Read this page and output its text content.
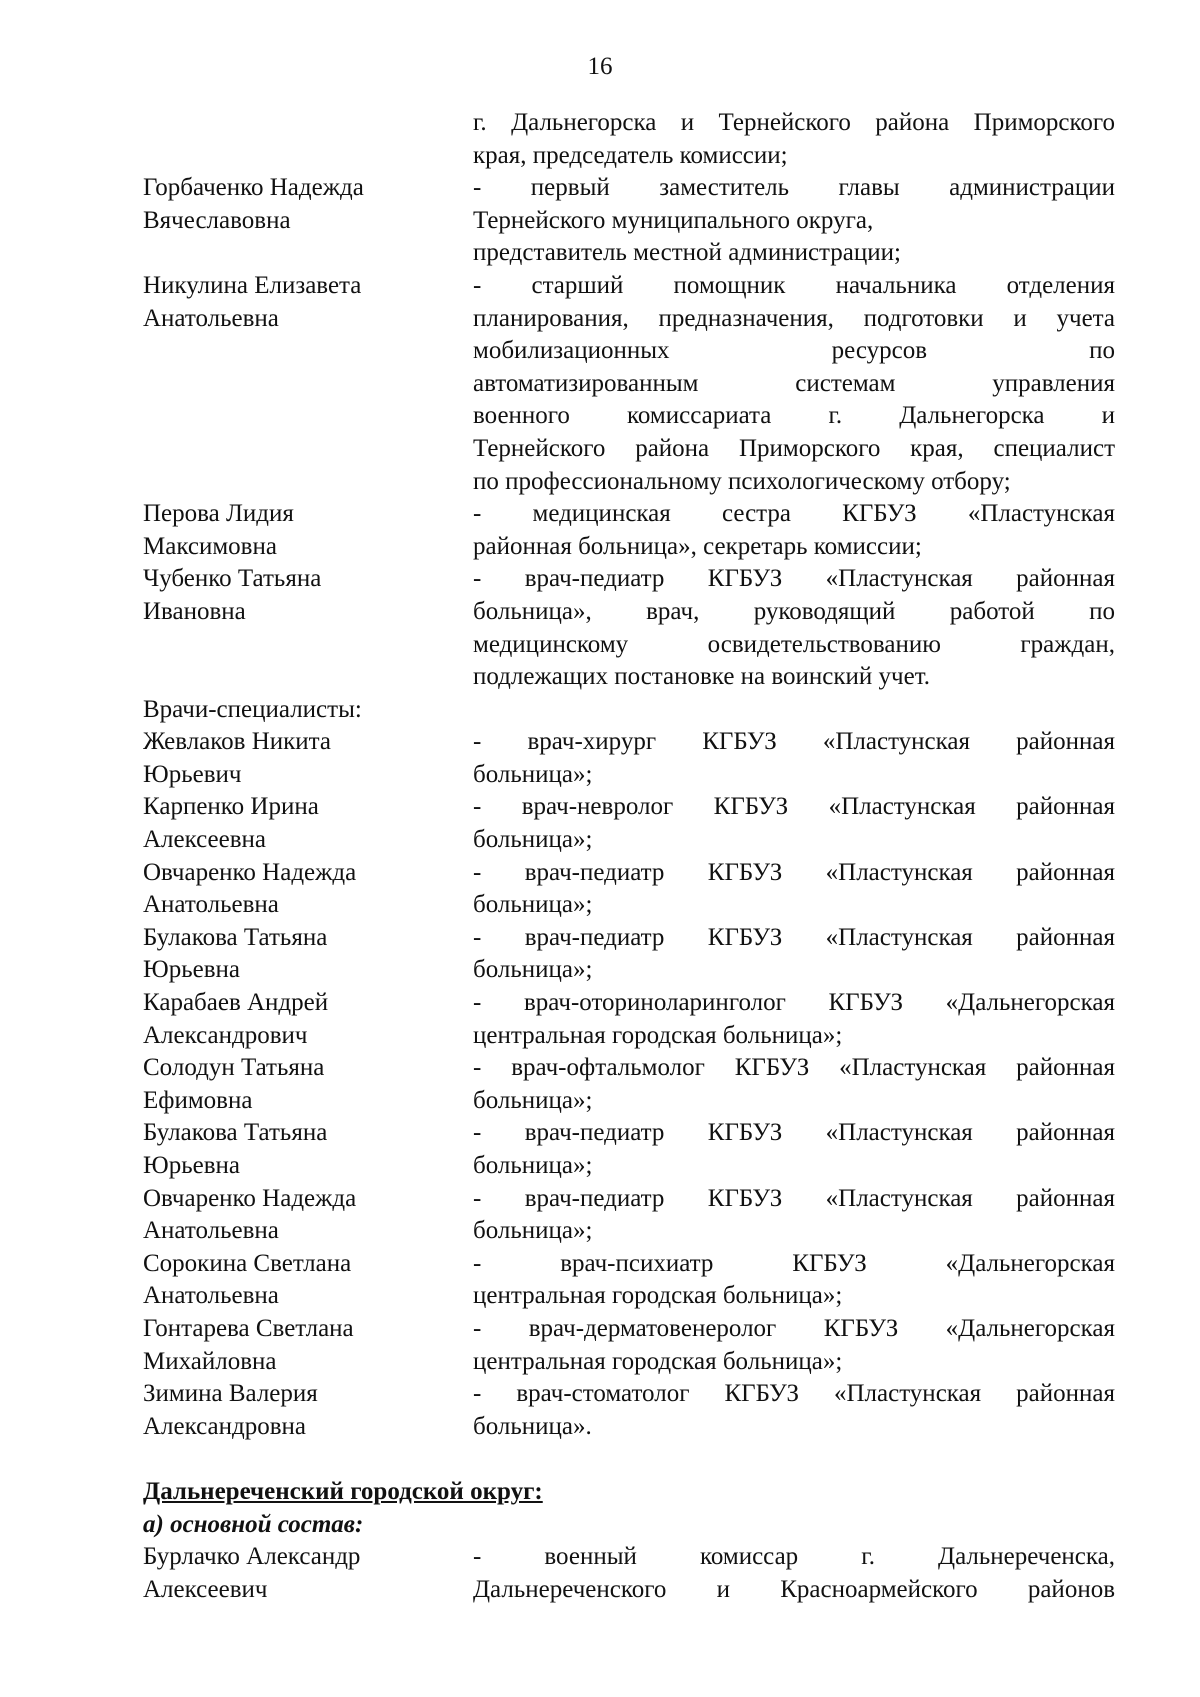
16
г. Дальнегорска и Тернейского района Приморского
края, председатель комиссии;
Горбаченко Надежда
Вячеславовна
- первый заместитель главы администрации
Тернейского муниципального округа,
представитель местной администрации;
Никулина Елизавета
Анатольевна
- старший помощник начальника отделения
планирования, предназначения, подготовки и учета
мобилизационных ресурсов по
автоматизированным системам управления
военного комиссариата г. Дальнегорска и
Тернейского района Приморского края, специалист
по профессиональному психологическому отбору;
Перова Лидия
Максимовна
- медицинская сестра КГБУЗ «Пластунская
районная больница», секретарь комиссии;
Чубенко Татьяна
Ивановна
- врач-педиатр КГБУЗ «Пластунская районная
больница», врач, руководящий работой по
медицинскому освидетельствованию граждан,
подлежащих постановке на воинский учет.
Врачи-специалисты:
Жевлаков Никита
Юрьевич
- врач-хирург КГБУЗ «Пластунская районная
больница»;
Карпенко Ирина
Алексеевна
- врач-невролог КГБУЗ «Пластунская районная
больница»;
Овчаренко Надежда
Анатольевна
- врач-педиатр КГБУЗ «Пластунская районная
больница»;
Булакова Татьяна
Юрьевна
- врач-педиатр КГБУЗ «Пластунская районная
больница»;
Карабаев Андрей
Александрович
- врач-оториноларинголог КГБУЗ «Дальнегорская
центральная городская больница»;
Солодун Татьяна
Ефимовна
- врач-офтальмолог КГБУЗ «Пластунская районная
больница»;
Булакова Татьяна
Юрьевна
- врач-педиатр КГБУЗ «Пластунская районная
больница»;
Овчаренко Надежда
Анатольевна
- врач-педиатр КГБУЗ «Пластунская районная
больница»;
Сорокина Светлана
Анатольевна
- врач-психиатр КГБУЗ «Дальнегорская
центральная городская больница»;
Гонтарева Светлана
Михайловна
- врач-дерматовенеролог КГБУЗ «Дальнегорская
центральная городская больница»;
Зимина Валерия
Александровна
- врач-стоматолог КГБУЗ «Пластунская районная
больница».
Дальнереченский городской округ:
а) основной состав:
Бурлачко Александр
Алексеевич
- военный комиссар г. Дальнереченска,
Дальнереченского и Красноармейского районов
